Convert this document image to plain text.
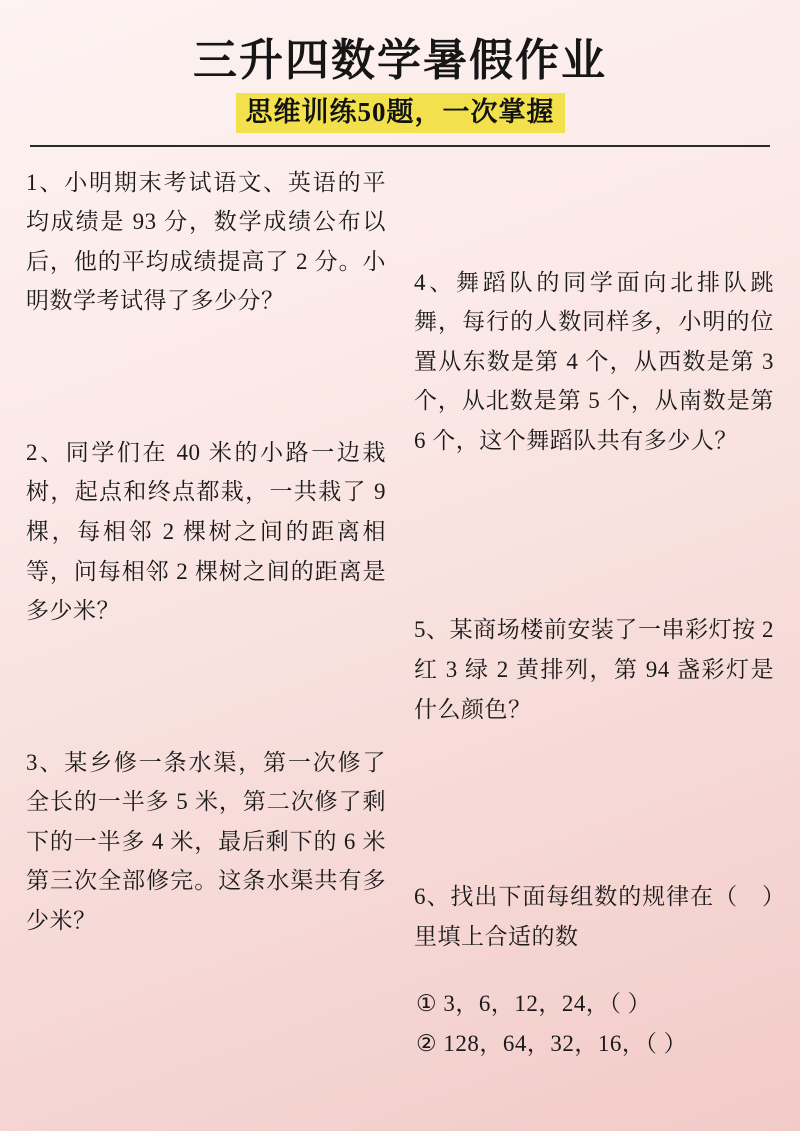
三升四数学暑假作业
思维训练50题，一次掌握
1、小明期末考试语文、英语的平均成绩是 93 分，数学成绩公布以后，他的平均成绩提高了 2 分。小明数学考试得了多少分？
2、同学们在 40 米的小路一边栽树，起点和终点都栽，一共栽了 9 棵，每相邻 2 棵树之间的距离相等，问每相邻 2 棵树之间的距离是多少米？
3、某乡修一条水渠，第一次修了全长的一半多 5 米，第二次修了剩下的一半多 4 米，最后剩下的 6 米第三次全部修完。这条水渠共有多少米？
4、舞蹈队的同学面向北排队跳舞，每行的人数同样多，小明的位置从东数是第 4 个，从西数是第 3 个，从北数是第 5 个，从南数是第 6 个，这个舞蹈队共有多少人？
5、某商场楼前安装了一串彩灯按 2 红 3 绿 2 黄排列，第 94 盏彩灯是什么颜色？
6、找出下面每组数的规律在（　）里填上合适的数
① 3，6，12，24，（ ）
② 128，64，32，16，（ ）
